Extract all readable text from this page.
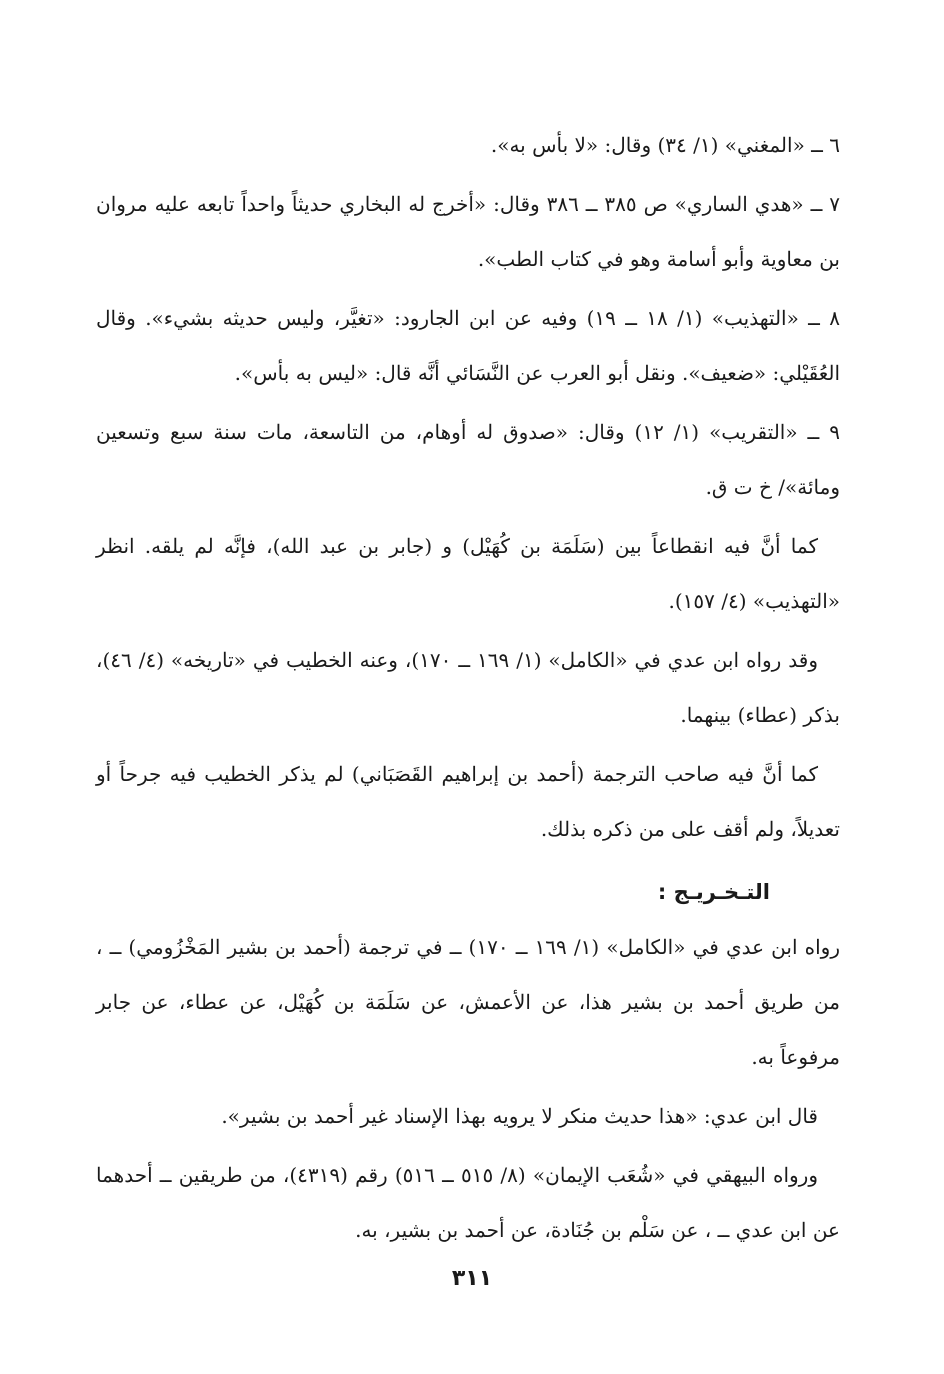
٦ ــ «المغني» (١/ ٣٤) وقال: «لا بأس به».

٧ ــ «هدي الساري» ص ٣٨٥ ــ ٣٨٦ وقال: «أخرج له البخاري حديثاً واحداً تابعه عليه مروان بن معاوية وأبو أسامة وهو في كتاب الطب».

٨ ــ «التهذيب» (١/ ١٨ ــ ١٩) وفيه عن ابن الجارود: «تغيَّر، وليس حديثه بشيء». وقال العُقَيْلي: «ضعيف». ونقل أبو العرب عن النَّسَائي أنَّه قال: «ليس به بأس».

٩ ــ «التقريب» (١/ ١٢) وقال: «صدوق له أوهام، من التاسعة، مات سنة سبع وتسعين ومائة»/ خ ت ق.

كما أنَّ فيه انقطاعاً بين (سَلَمَة بن كُهَيْل) و (جابر بن عبد الله)، فإنَّه لم يلقه. انظر «التهذيب» (٤/ ١٥٧).

وقد رواه ابن عدي في «الكامل» (١/ ١٦٩ ــ ١٧٠)، وعنه الخطيب في «تاريخه» (٤/ ٤٦)، بذكر (عطاء) بينهما.

كما أنَّ فيه صاحب الترجمة (أحمد بن إبراهيم القَصَبَاني) لم يذكر الخطيب فيه جرحاً أو تعديلاً، ولم أقف على من ذكره بذلك.

التـخـريـج :

رواه ابن عدي في «الكامل» (١/ ١٦٩ ــ ١٧٠) ــ في ترجمة (أحمد بن بشير المَخْزُومي) ــ ، من طريق أحمد بن بشير هذا، عن الأعمش، عن سَلَمَة بن كُهَيْل، عن عطاء، عن جابر مرفوعاً به.

قال ابن عدي: «هذا حديث منكر لا يرويه بهذا الإسناد غير أحمد بن بشير».

ورواه البيهقي في «شُعَب الإيمان» (٨/ ٥١٥ ــ ٥١٦) رقم (٤٣١٩)، من طريقين ــ أحدهما عن ابن عدي ــ ، عن سَلْم بن جُنَادة، عن أحمد بن بشير، به.

٣١١
